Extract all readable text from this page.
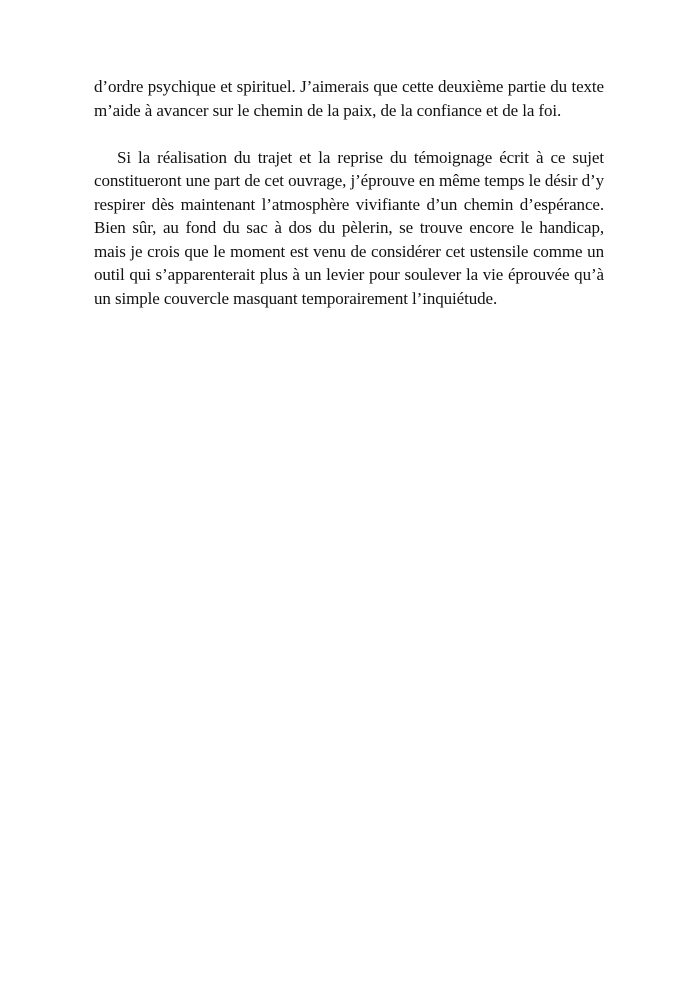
d’ordre psychique et spirituel. J’aimerais que cette deuxième partie du texte m’aide à avancer sur le chemin de la paix, de la confiance et de la foi.

Si la réalisation du trajet et la reprise du témoignage écrit à ce sujet constitueront une part de cet ouvrage, j’éprouve en même temps le désir d’y respirer dès maintenant l’atmosphère vivifiante d’un chemin d’espérance. Bien sûr, au fond du sac à dos du pèlerin, se trouve encore le handicap, mais je crois que le moment est venu de considérer cet ustensile comme un outil qui s’apparenterait plus à un levier pour soulever la vie éprouvée qu’à un simple couvercle masquant temporairement l’inquiétude.
